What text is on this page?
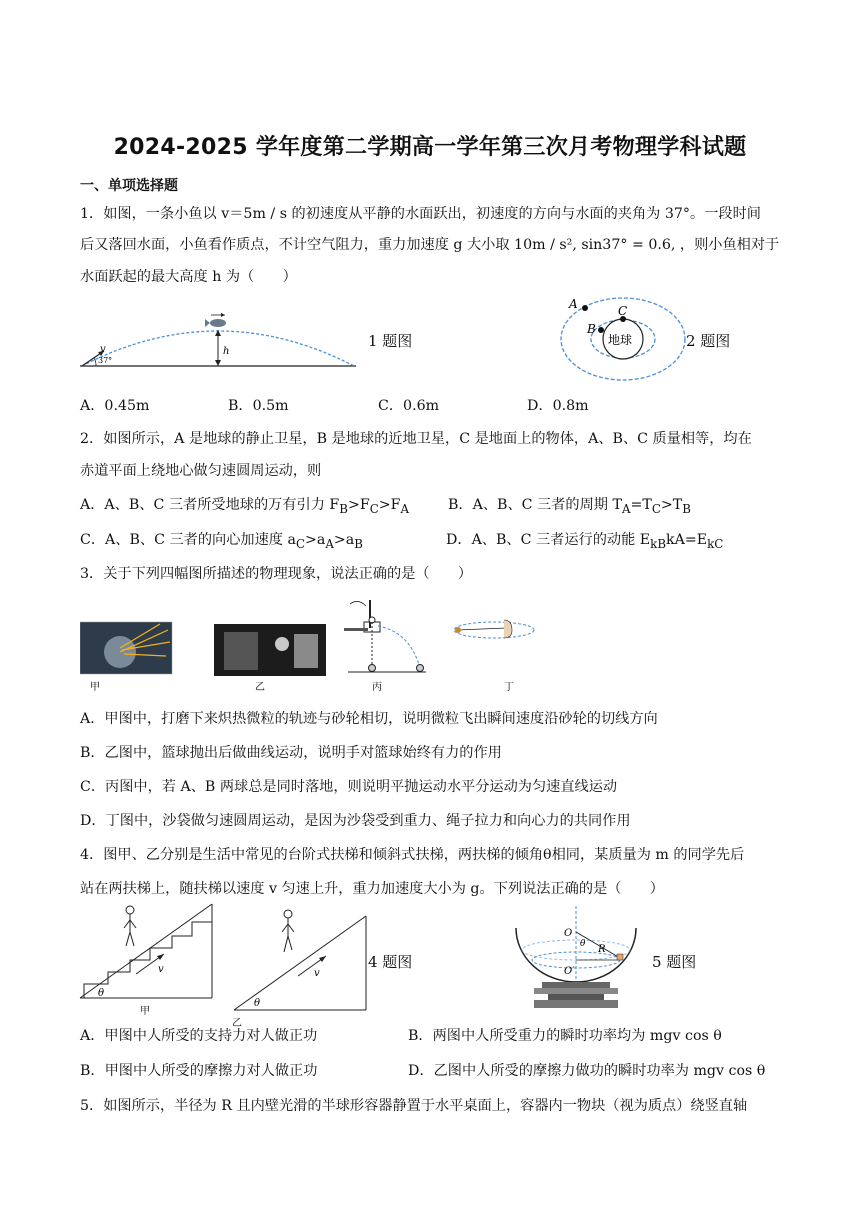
2024-2025 学年度第二学期高一学年第三次月考物理学科试题
一、单项选择题
1．如图，一条小鱼以 v＝5m / s 的初速度从平静的水面跃出，初速度的方向与水面的夹角为 37°。一段时间
后又落回水面，小鱼看作质点，不计空气阻力，重力加速度 g 大小取 10m / s², sin37° = 0.6, ，则小鱼相对于
水面跃起的最大高度 h 为（　　）
v
37°
h
1 题图	地球
A
B
C
2 题图
A．0.45m	B．0.5m	C．0.6m	D．0.8m
2．如图所示，A 是地球的静止卫星，B 是地球的近地卫星，C 是地面上的物体，A、B、C 质量相等，均在
赤道平面上绕地心做匀速圆周运动，则
A．A、B、C 三者所受地球的万有引力 $F_B>F_C>F_A$	B．A、B、C 三者的周期 $T_A=T_C>T_B$
C．A、B、C 三者的向心加速度 $a_C>a_A>a_B$	D．A、B、C 三者运行的动能 $E_{kB}kA=E_{kC}$
3．关于下列四幅图所描述的物理现象，说法正确的是（　　）
甲	乙	丙	丁
A．甲图中，打磨下来炽热微粒的轨迹与砂轮相切，说明微粒飞出瞬间速度沿砂轮的切线方向
B．乙图中，篮球抛出后做曲线运动，说明手对篮球始终有力的作用
C．丙图中，若 A、B 两球总是同时落地，则说明平抛运动水平分运动为匀速直线运动
D．丁图中，沙袋做匀速圆周运动，是因为沙袋受到重力、绳子拉力和向心力的共同作用
4．图甲、乙分别是生活中常见的台阶式扶梯和倾斜式扶梯，两扶梯的倾角θ相同，某质量为 m 的同学先后
站在两扶梯上，随扶梯以速度 v 匀速上升，重力加速度大小为 g。下列说法正确的是（　　）
v
θ
甲
v
θ
乙
4 题图
O
θ R
O′
5 题图
A．甲图中人所受的支持力对人做正功	B．两图中人所受重力的瞬时功率均为 mgv cos θ
B．甲图中人所受的摩擦力对人做正功	D．乙图中人所受的摩擦力做功的瞬时功率为 mgv cos θ
5．如图所示，半径为 R 且内壁光滑的半球形容器静置于水平桌面上，容器内一物块（视为质点）绕竖直轴
